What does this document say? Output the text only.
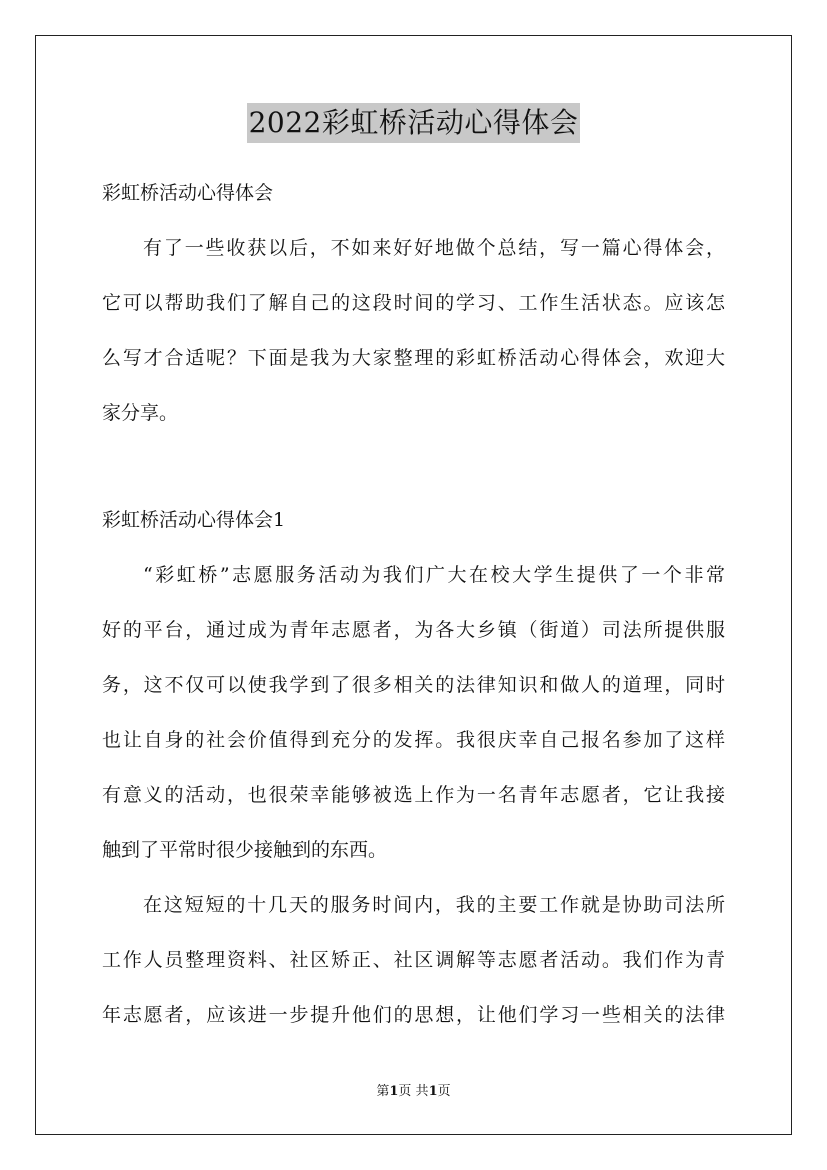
2022彩虹桥活动心得体会
彩虹桥活动心得体会
有了一些收获以后，不如来好好地做个总结，写一篇心得体会，
它可以帮助我们了解自己的这段时间的学习、工作生活状态。应该怎
么写才合适呢？下面是我为大家整理的彩虹桥活动心得体会，欢迎大
家分享。
彩虹桥活动心得体会1
“彩虹桥”志愿服务活动为我们广大在校大学生提供了一个非常
好的平台，通过成为青年志愿者，为各大乡镇（街道）司法所提供服
务，这不仅可以使我学到了很多相关的法律知识和做人的道理，同时
也让自身的社会价值得到充分的发挥。我很庆幸自己报名参加了这样
有意义的活动，也很荣幸能够被选上作为一名青年志愿者，它让我接
触到了平常时很少接触到的东西。
在这短短的十几天的服务时间内，我的主要工作就是协助司法所
工作人员整理资料、社区矫正、社区调解等志愿者活动。我们作为青
年志愿者，应该进一步提升他们的思想，让他们学习一些相关的法律
第1页 共1页
